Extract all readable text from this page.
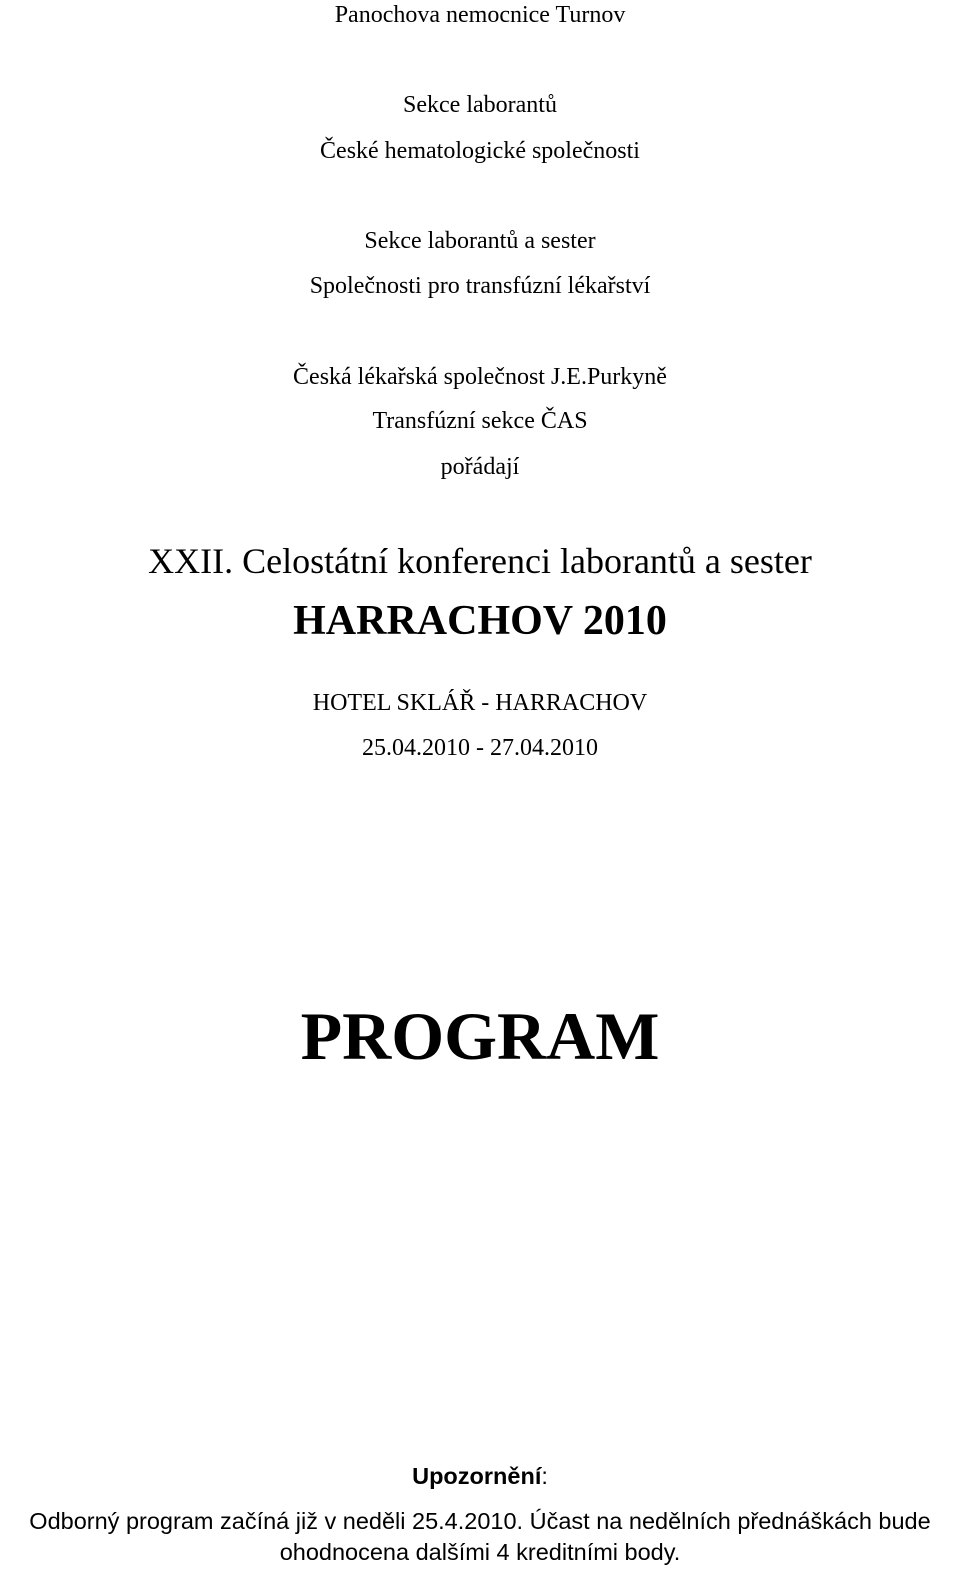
Panochova nemocnice Turnov
Sekce laborantů
České hematologické společnosti
Sekce laborantů a sester
Společnosti pro transfúzní lékařství
Česká lékařská společnost J.E.Purkyně
Transfúzní sekce ČAS
pořádají
XXII. Celostátní konferenci laborantů a sester
HARRACHOV 2010
HOTEL SKLÁŘ - HARRACHOV
25.04.2010 - 27.04.2010
PROGRAM
Upozornění:
Odborný program začíná již v neděli 25.4.2010. Účast na nedělních přednáškách bude
ohodnocena dalšími 4 kreditními body.
